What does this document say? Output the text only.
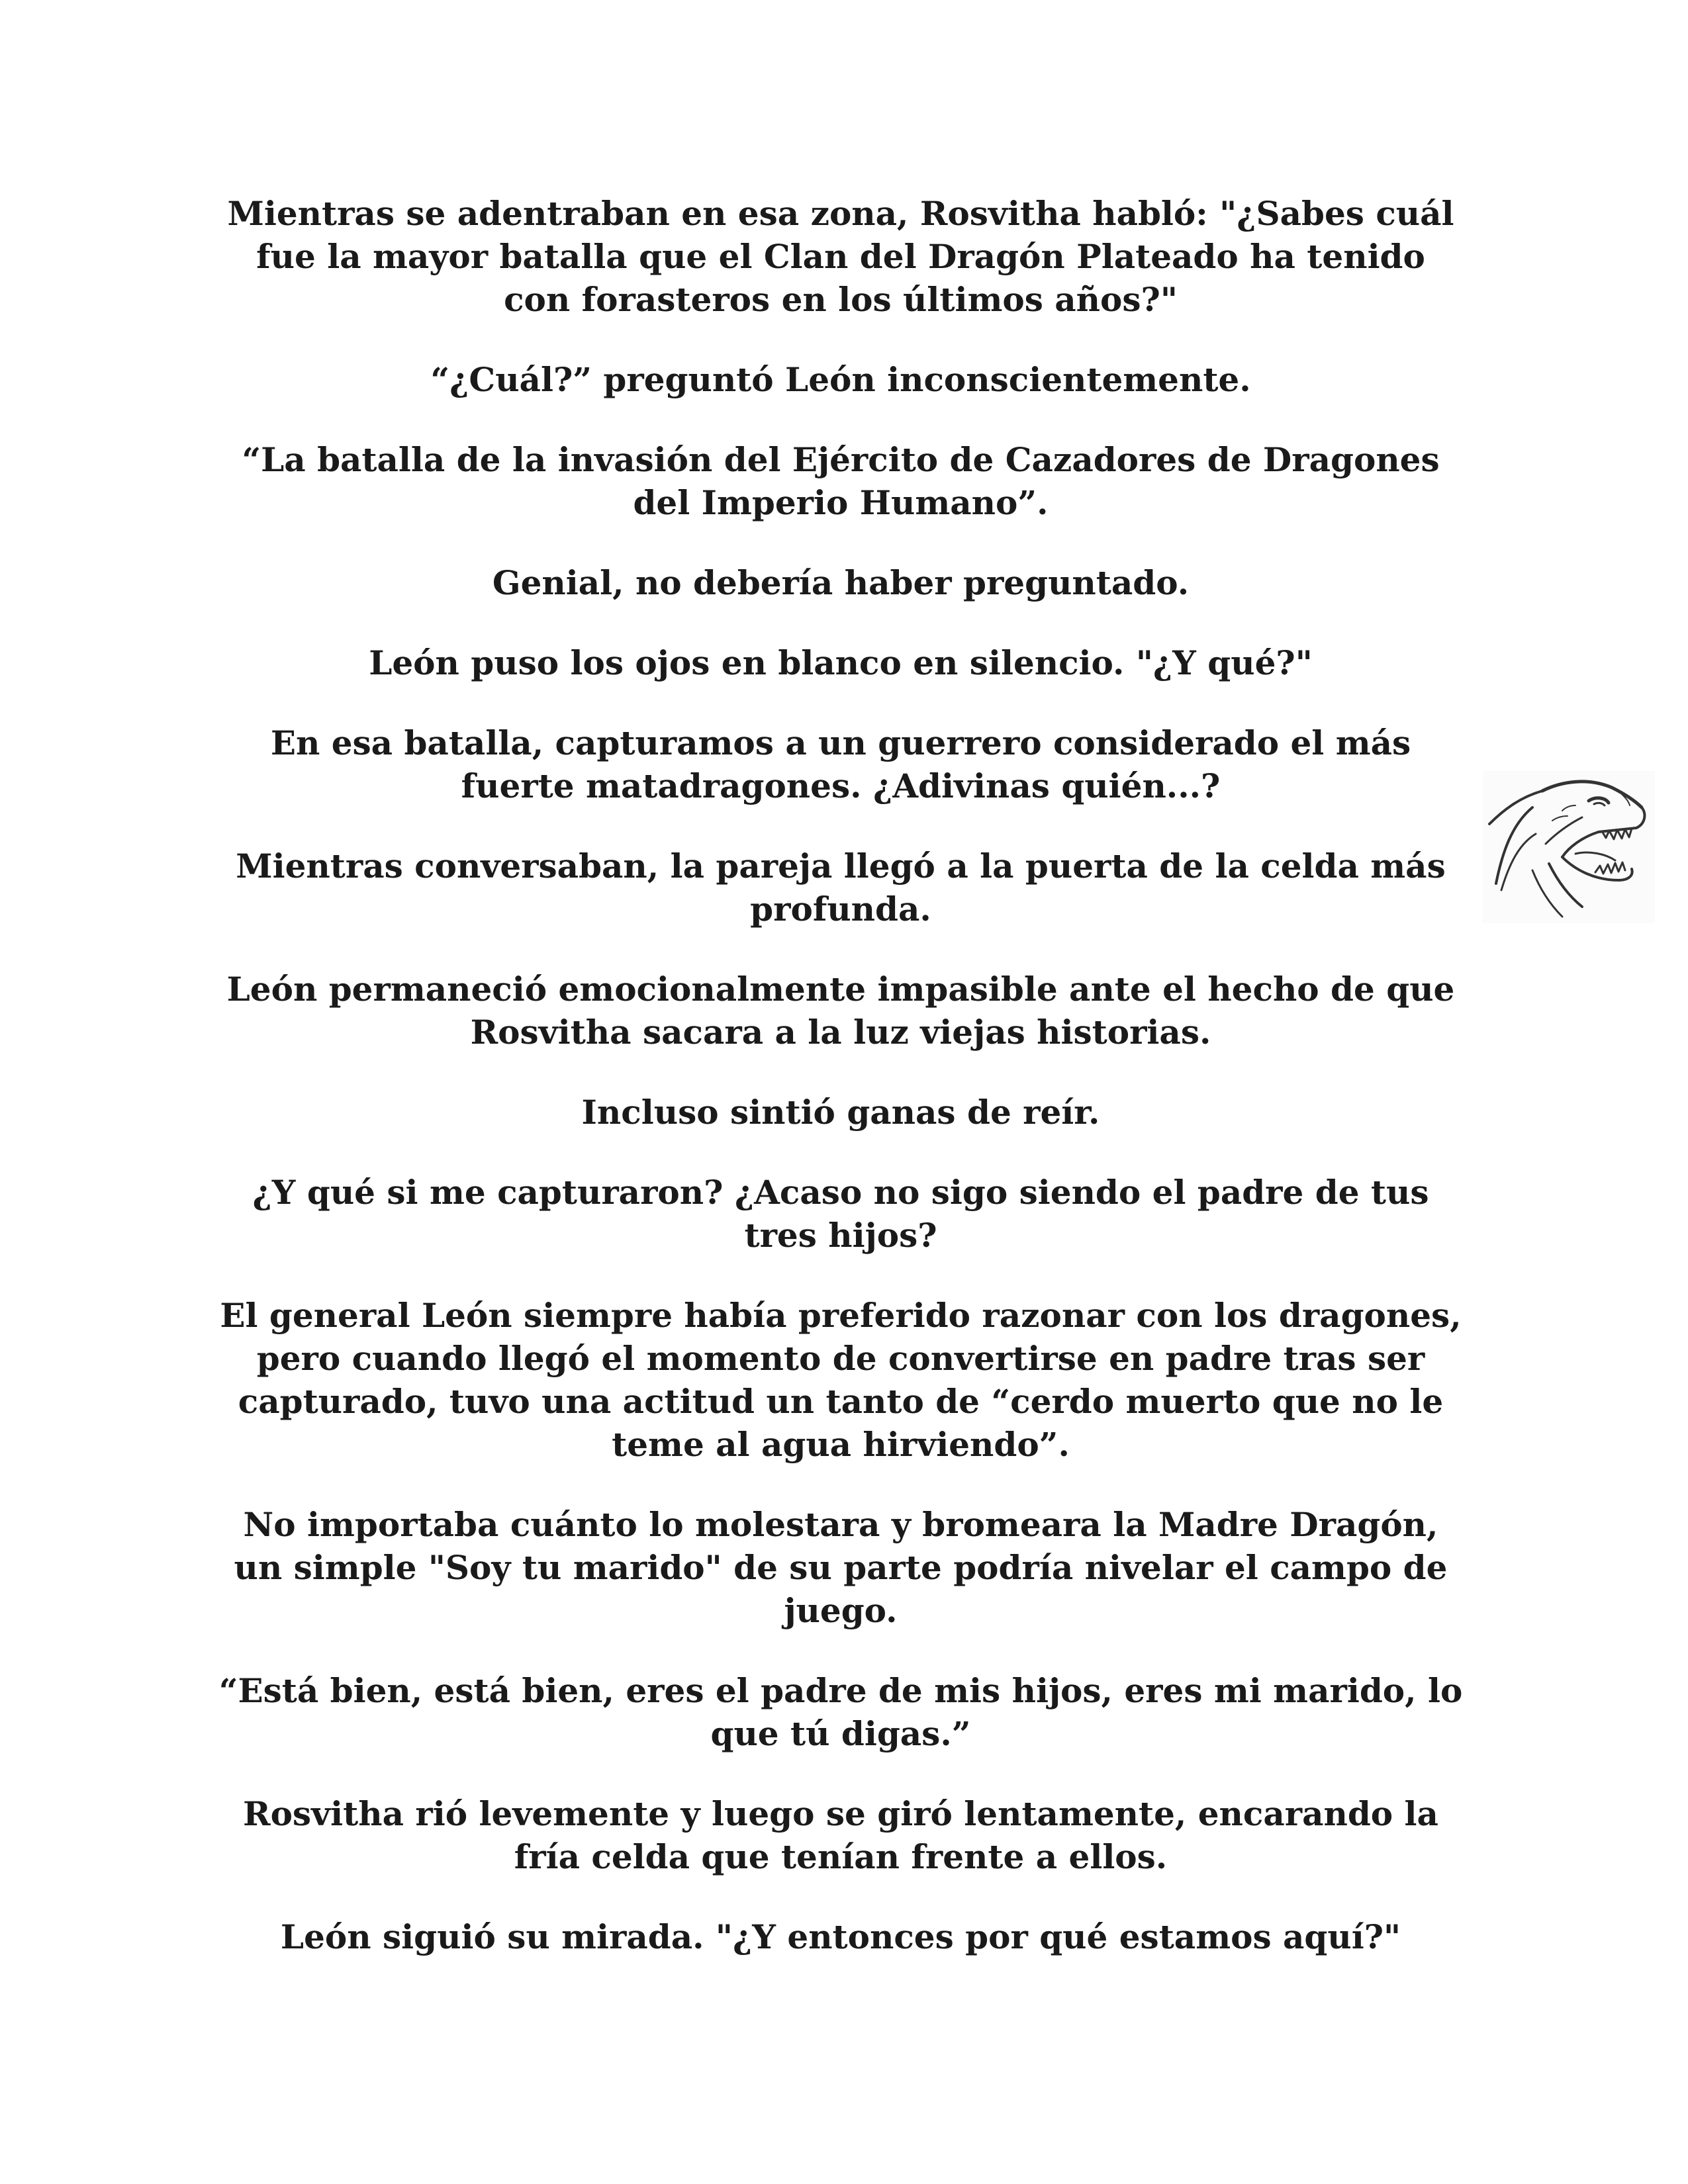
Mientras se adentraban en esa zona, Rosvitha habló: "¿Sabes cuál fue la mayor batalla que el Clan del Dragón Plateado ha tenido con forasteros en los últimos años?"

“¿Cuál?” preguntó León inconscientemente.

“La batalla de la invasión del Ejército de Cazadores de Dragones del Imperio Humano”.

Genial, no debería haber preguntado.

León puso los ojos en blanco en silencio. "¿Y qué?"

En esa batalla, capturamos a un guerrero considerado el más fuerte matadragones. ¿Adivinas quién...?

Mientras conversaban, la pareja llegó a la puerta de la celda más profunda.

León permaneció emocionalmente impasible ante el hecho de que Rosvitha sacara a la luz viejas historias.

Incluso sintió ganas de reír.

¿Y qué si me capturaron? ¿Acaso no sigo siendo el padre de tus tres hijos?

El general León siempre había preferido razonar con los dragones, pero cuando llegó el momento de convertirse en padre tras ser capturado, tuvo una actitud un tanto de “cerdo muerto que no le teme al agua hirviendo”.

No importaba cuánto lo molestara y bromeara la Madre Dragón, un simple "Soy tu marido" de su parte podría nivelar el campo de juego.

“Está bien, está bien, eres el padre de mis hijos, eres mi marido, lo que tú digas.”

Rosvitha rió levemente y luego se giró lentamente, encarando la fría celda que tenían frente a ellos.

León siguió su mirada. "¿Y entonces por qué estamos aquí?"
